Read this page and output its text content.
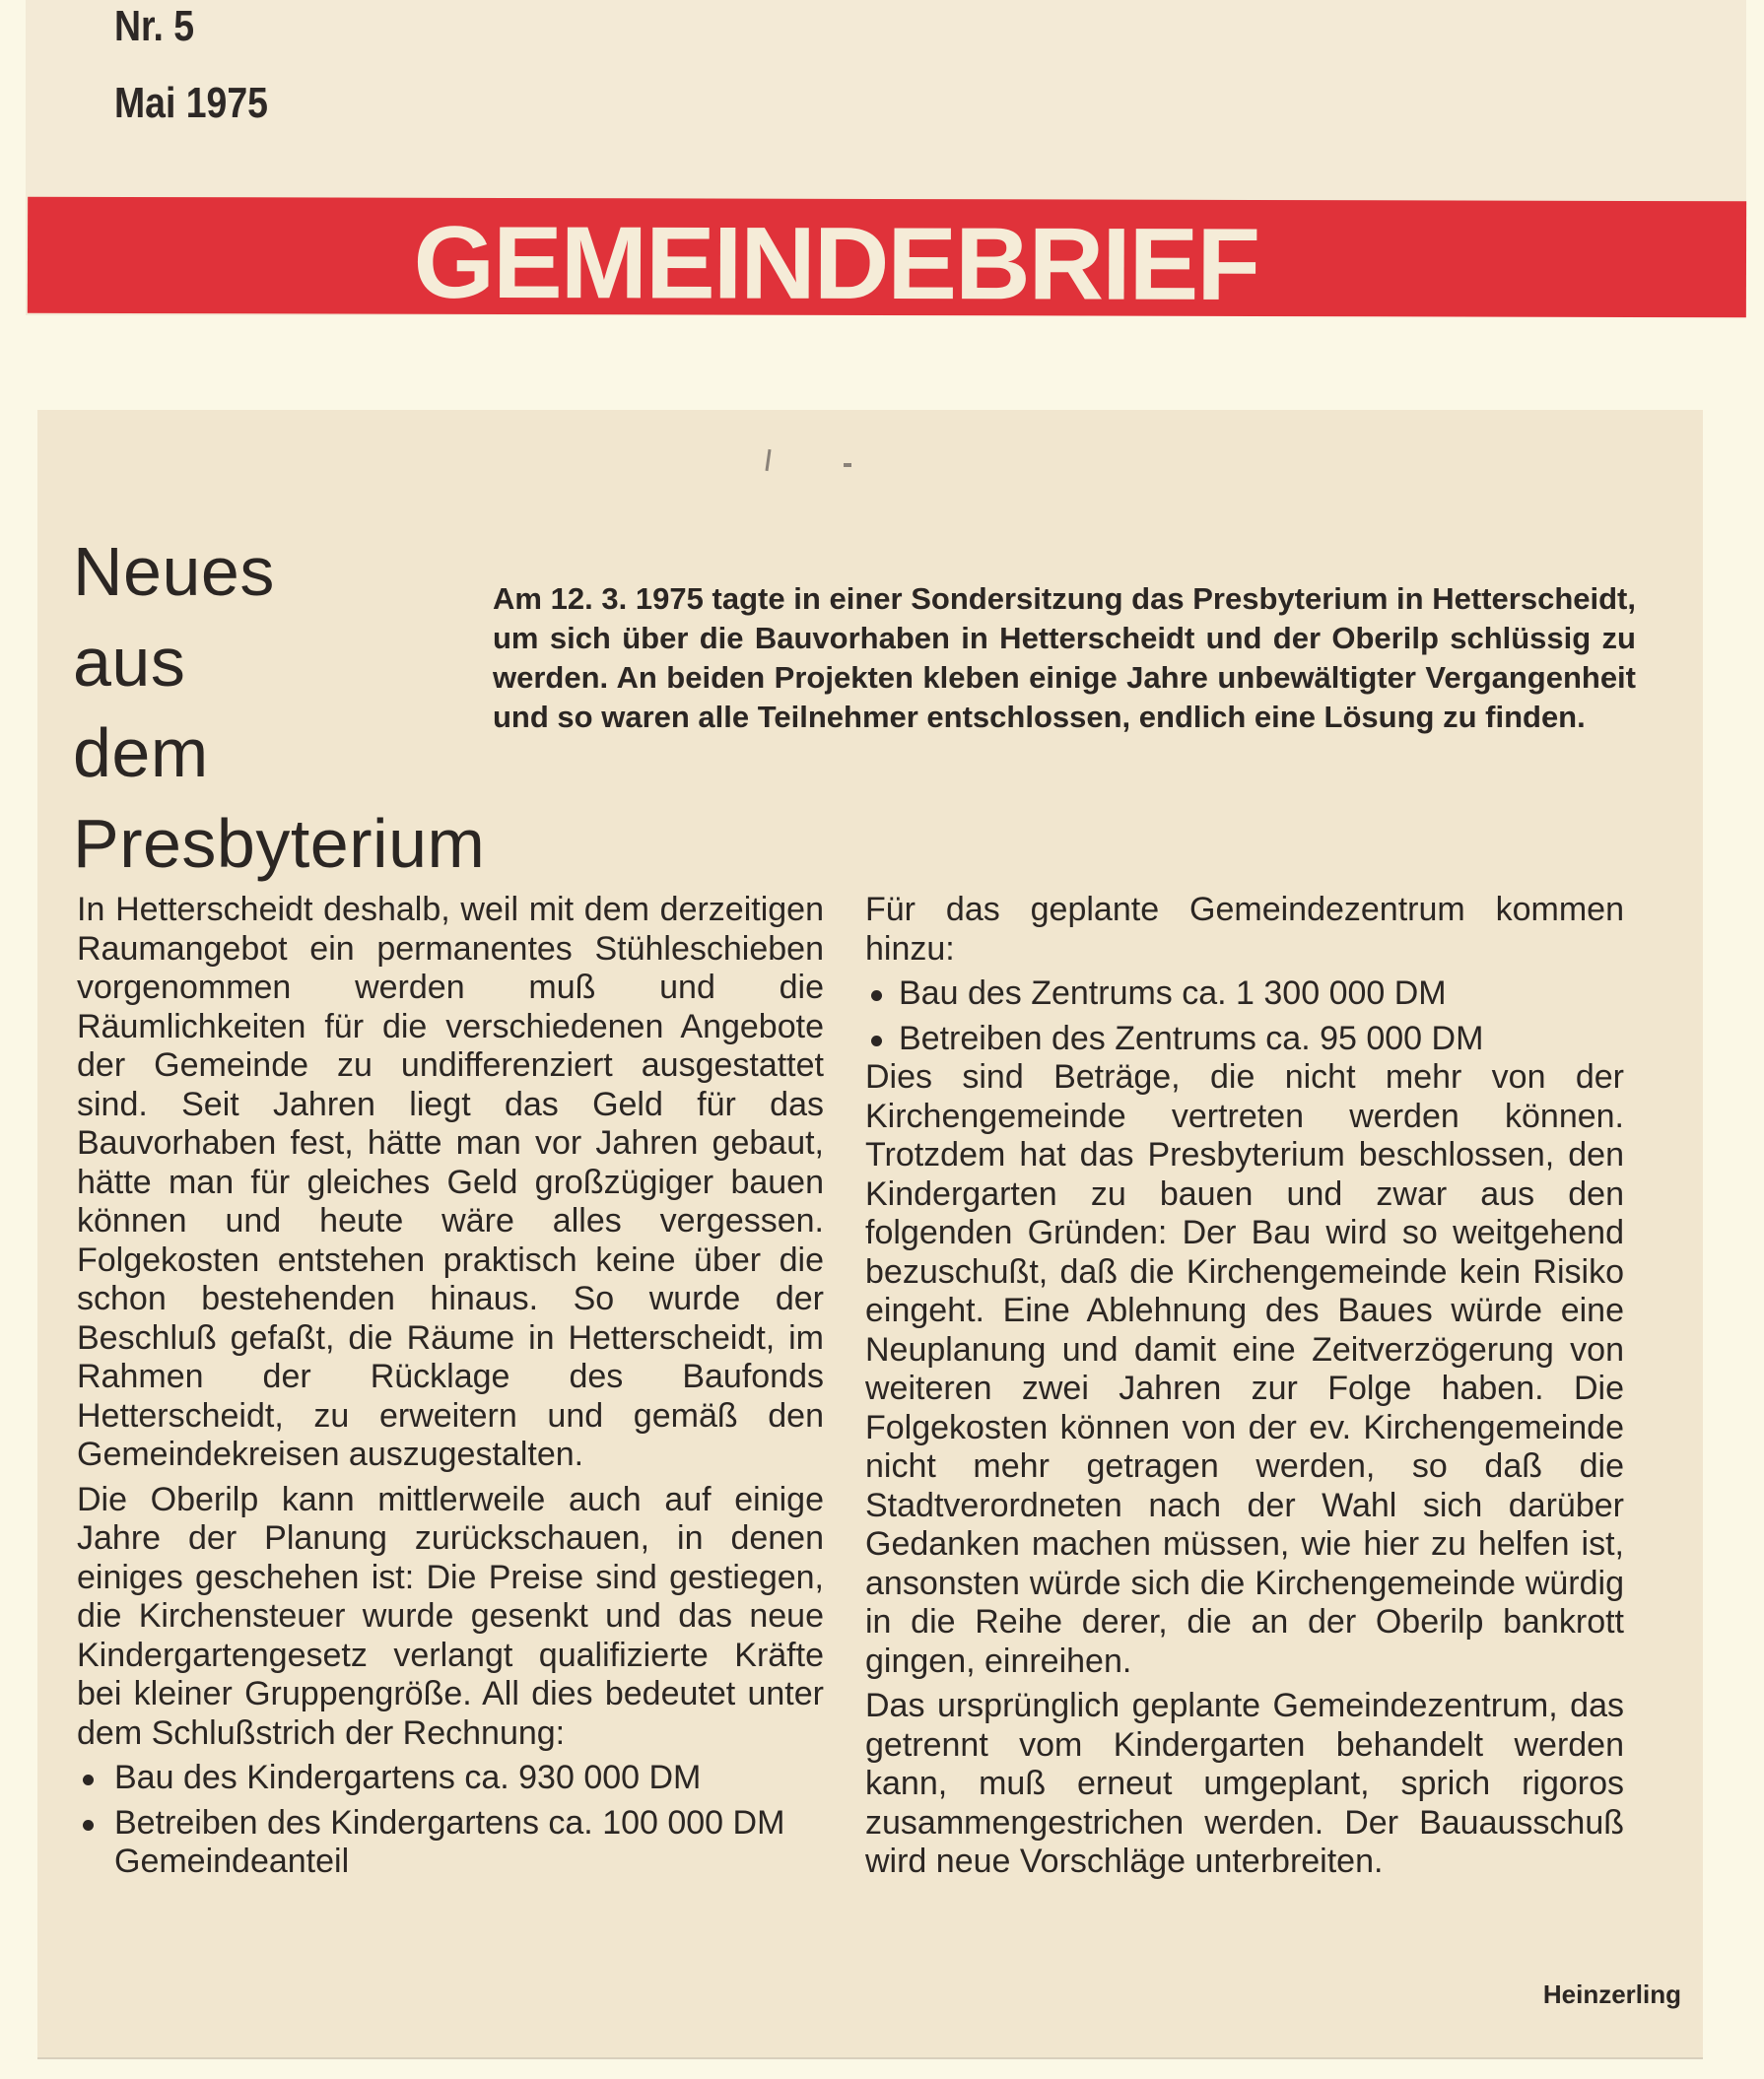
Nr. 5
Mai 1975
GEMEINDEBRIEF
Neues
aus
dem
Presbyterium

Am 12. 3. 1975 tagte in einer Sondersitzung das Presbyterium in Hetterscheidt, um sich über die Bauvorhaben in Hetterscheidt und der Oberilp schlüssig zu werden. An beiden Projekten kleben einige Jahre unbewältigter Vergangenheit und so waren alle Teilnehmer entschlossen, endlich eine Lösung zu finden.

In Hetterscheidt deshalb, weil mit dem derzeitigen Raumangebot ein permanentes Stühleschieben vorgenommen werden muß und die Räumlichkeiten für die verschiedenen Angebote der Gemeinde zu undifferenziert ausgestattet sind. Seit Jahren liegt das Geld für das Bauvorhaben fest, hätte man vor Jahren gebaut, hätte man für gleiches Geld großzügiger bauen können und heute wäre alles vergessen. Folgekosten entstehen praktisch keine über die schon bestehenden hinaus. So wurde der Beschluß gefaßt, die Räume in Hetterscheidt, im Rahmen der Rücklage des Baufonds Hetterscheidt, zu erweitern und gemäß den Gemeindekreisen auszugestalten.

Die Oberilp kann mittlerweile auch auf einige Jahre der Planung zurückschauen, in denen einiges geschehen ist: Die Preise sind gestiegen, die Kirchensteuer wurde gesenkt und das neue Kindergartengesetz verlangt qualifizierte Kräfte bei kleiner Gruppengröße. All dies bedeutet unter dem Schlußstrich der Rechnung:

Bau des Kindergartens ca. 930 000 DM
Betreiben des Kindergartens ca. 100 000 DM Gemeindeanteil

Für das geplante Gemeindezentrum kommen hinzu:

Bau des Zentrums ca. 1 300 000 DM
Betreiben des Zentrums ca. 95 000 DM

Dies sind Beträge, die nicht mehr von der Kirchengemeinde vertreten werden können. Trotzdem hat das Presbyterium beschlossen, den Kindergarten zu bauen und zwar aus den folgenden Gründen: Der Bau wird so weitgehend bezuschußt, daß die Kirchengemeinde kein Risiko eingeht. Eine Ablehnung des Baues würde eine Neuplanung und damit eine Zeitverzögerung von weiteren zwei Jahren zur Folge haben. Die Folgekosten können von der ev. Kirchengemeinde nicht mehr getragen werden, so daß die Stadtverordneten nach der Wahl sich darüber Gedanken machen müssen, wie hier zu helfen ist, ansonsten würde sich die Kirchengemeinde würdig in die Reihe derer, die an der Oberilp bankrott gingen, einreihen.

Das ursprünglich geplante Gemeindezentrum, das getrennt vom Kindergarten behandelt werden kann, muß erneut umgeplant, sprich rigoros zusammengestrichen werden. Der Bauausschuß wird neue Vorschläge unterbreiten.

Heinzerling
